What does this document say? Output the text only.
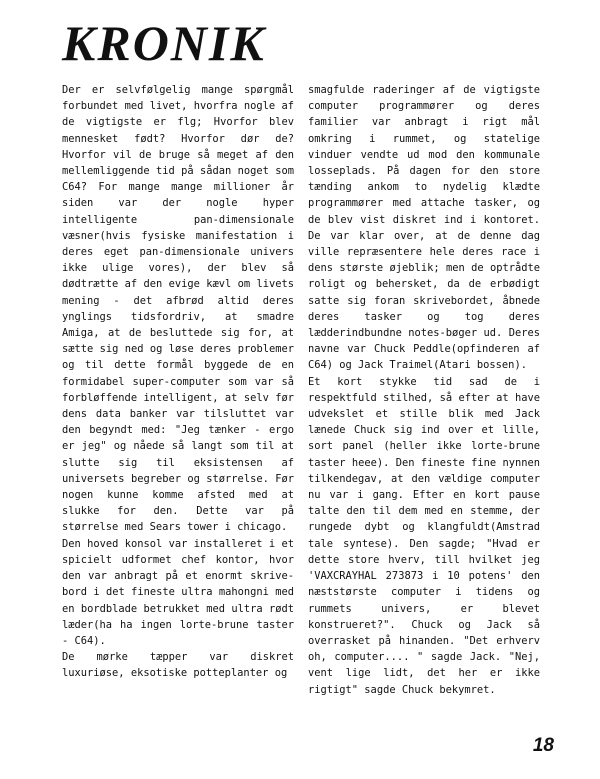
KRONIK

Der er selvfølgelig mange spørgmål forbundet med livet, hvorfra nogle af de vigtigste er flg; Hvorfor blev mennesket født? Hvorfor dør de? Hvorfor vil de bruge så meget af den mellemliggende tid på sådan noget som C64? For mange mange millioner år siden var der nogle hyper intelligente pan-dimensionale væsner(hvis fysiske manifestation i deres eget pan-dimensionale univers ikke ulige vores), der blev så dødtrætte af den evige kævl om livets mening - det afbrød altid deres ynglings tidsfordriv, at smadre Amiga, at de besluttede sig for, at sætte sig ned og løse deres problemer og til dette formål byggede de en formidabel super-computer som var så forbløffende intelligent, at selv før dens data banker var tilsluttet var den begyndt med: "Jeg tænker - ergo er jeg" og nåede så langt som til at slutte sig til eksistensen af universets begreber og størrelse. Før nogen kunne komme afsted med at slukke for den. Dette var på størrelse med Sears tower i chicago.

Den hoved konsol var installeret i et spicielt udformet chef kontor, hvor den var anbragt på et enormt skrive-bord i det fineste ultra mahongni med en bordblade betrukket med ultra rødt læder(ha ha ingen lorte-brune taster - C64).

De mørke tæpper var diskret luxuriøse, eksotiske potteplanter og

smagfulde raderinger af de vigtigste computer programmører og deres familier var anbragt i rigt mål omkring i rummet, og statelige vinduer vendte ud mod den kommunale losseplads. På dagen for den store tænding ankom to nydelig klædte programmører med attache tasker, og de blev vist diskret ind i kontoret. De var klar over, at de denne dag ville repræsentere hele deres race i dens største øjeblik; men de optrådte roligt og behersket, da de erbødigt satte sig foran skrivebordet, åbnede deres tasker og tog deres lædderindbundne notes-bøger ud. Deres navne var Chuck Peddle(opfinderen af C64) og Jack Traimel(Atari bossen).

Et kort stykke tid sad de i respektfuld stilhed, så efter at have udvekslet et stille blik med Jack lænede Chuck sig ind over et lille, sort panel (heller ikke lorte-brune taster heee). Den fineste fine nynnen tilkendegav, at den vældige computer nu var i gang. Efter en kort pause talte den til dem med en stemme, der rungede dybt og klangfuldt(Amstrad tale syntese). Den sagde; "Hvad er dette store hverv, till hvilket jeg 'VAXCRAYHAL 273873 i 10 potens' den næststørste computer i tidens og rummets univers, er blevet konstrueret?". Chuck og Jack så overrasket på hinanden. "Det erhverv oh, computer.... " sagde Jack. "Nej, vent lige lidt, det her er ikke rigtigt" sagde Chuck bekymret.

18
